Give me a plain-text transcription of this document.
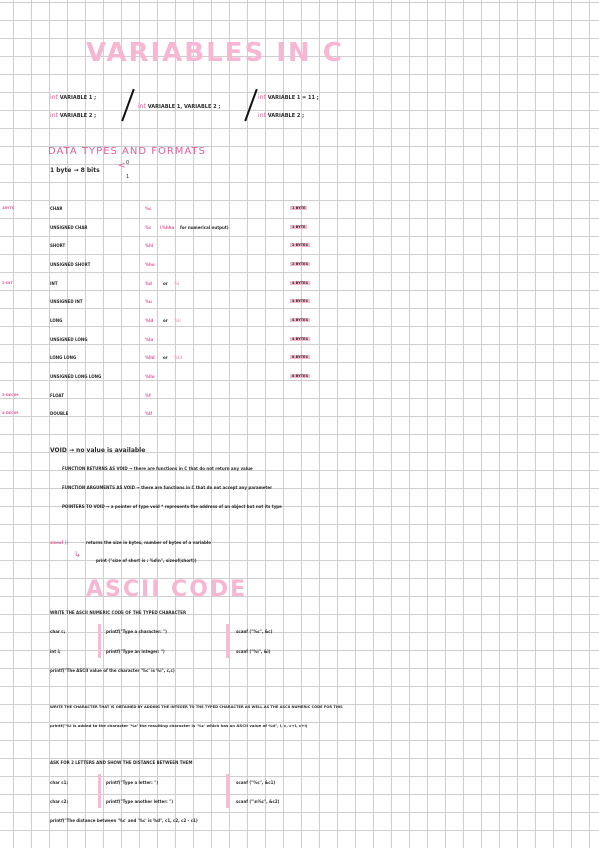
VARIABLES IN C
int VARIABLE 1 ;
int VARIABLE 2 ;
int VARIABLE 1, VARIABLE 2 ;
int VARIABLE 1 = 11 ;
int VARIABLE 2 ;
DATA TYPES AND FORMATS
1 byte → 8 bits < 0
1
1BYTE	CHAR	%c	1 BYTE
UNSIGNED CHAR	%c (%hhu for numerical output)	1 BYTE
SHORT	%hi	2 BYTES
UNSIGNED SHORT	%hu	2 BYTES
2-INT	INT	%d	or %i	4 BYTES
UNSIGNED INT	%u	4 BYTES
LONG	%ld or %li	4 BYTES
UNSIGNED LONG	%lu	4 BYTES
LONG LONG	%lld or %lli	8 BYTES
UNSIGNED LONG LONG	%llu	8 BYTES
3-DECIM	FLOAT	%f
4-DECIM	DOUBLE	%lf
VOID → no value is available
FUNCTION RETURNS AS VOID → there are functions in C that do not return any value
FUNCTION ARGUMENTS AS VOID → there are functions in C that do not accept any parameter
POINTERS TO VOID → a pointer of type void * represents the address of an object but not its type
sizeof ()	returns the size in bytes, number of bytes of a variable
↳
print ("size of short is : %d\n", sizeof(short))
ASCII CODE
WRITE THE ASCII NUMERIC CODE OF THE TYPED CHARACTER
char c;	printf("Type a character: ")	scanf ("%c", &c)
int i;	printf("Type an integer: ")	scanf ("%i", &i)
printf("The ASCII value of the character '%c' is %i", c,c)
WRITE THE CHARACTER THAT IS OBTAINED BY ADDING THE INTEGER TO THE TYPED CHARACTER AS WELL AS THE ASCII NUMERIC CODE FOR THIS
printf("%i is added to the character '%c' the resulting character is '%c' which has an ASCII value of %d", i, c, c+i, c+i)
ASK FOR 2 LETTERS AND SHOW THE DISTANCE BETWEEN THEM
char c1;	printf("Type a letter: ")	scanf ("%c", &c1)
char c2;	printf("Type another letter: ")	scanf ("\n%c", &c2)
printf("The distance between '%c' and '%c' is %d", c1, c2, c2 - c1)
